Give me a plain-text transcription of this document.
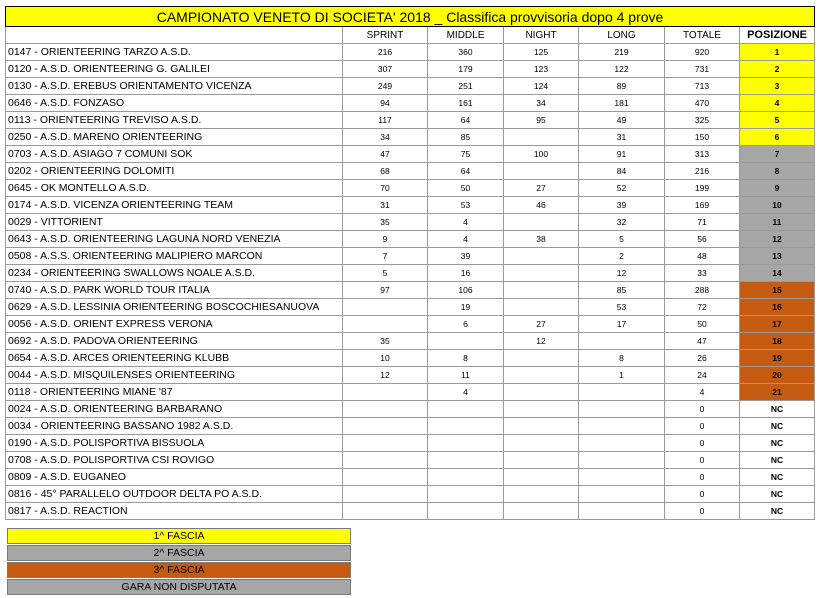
CAMPIONATO VENETO DI SOCIETA' 2018 _ Classifica provvisoria dopo 4 prove						
	SPRINT	MIDDLE	NIGHT	LONG	TOTALE	POSIZIONE
0147 - ORIENTEERING TARZO A.S.D.	216	360	125	219	920	1
0120 - A.S.D. ORIENTEERING G. GALILEI	307	179	123	122	731	2
0130 - A.S.D. EREBUS ORIENTAMENTO VICENZA	249	251	124	89	713	3
0646 - A.S.D. FONZASO	94	161	34	181	470	4
0113 - ORIENTEERING TREVISO A.S.D.	117	64	95	49	325	5
0250 - A.S.D. MARENO ORIENTEERING	34	85		31	150	6
0703 - A.S.D. ASIAGO 7 COMUNI SOK	47	75	100	91	313	7
0202 - ORIENTEERING DOLOMITI	68	64		84	216	8
0645 - OK MONTELLO A.S.D.	70	50	27	52	199	9
0174 - A.S.D. VICENZA ORIENTEERING TEAM	31	53	46	39	169	10
0029 - VITTORIENT	35	4		32	71	11
0643 - A.S.D. ORIENTEERING LAGUNA NORD VENEZIA	9	4	38	5	56	12
0508 - A.S.S. ORIENTEERING MALIPIERO MARCON	7	39		2	48	13
0234 - ORIENTEERING SWALLOWS NOALE A.S.D.	5	16		12	33	14
0740 - A.S.D. PARK WORLD TOUR ITALIA	97	106		85	288	15
0629 - A.S.D. LESSINIA ORIENTEERING BOSCOCHIESANUOVA		19		53	72	16
0056 - A.S.D. ORIENT EXPRESS VERONA		6	27	17	50	17
0692 - A.S.D. PADOVA ORIENTEERING	35		12		47	18
0654 - A.S.D. ARCES ORIENTEERING KLUBB	10	8		8	26	19
0044 - A.S.D. MISQUILENSES ORIENTEERING	12	11		1	24	20
0118 - ORIENTEERING MIANE '87		4			4	21
0024 - A.S.D. ORIENTEERING BARBARANO					0	NC
0034 - ORIENTEERING BASSANO 1982 A.S.D.					0	NC
0190 - A.S.D. POLISPORTIVA BISSUOLA					0	NC
0708 - A.S.D. POLISPORTIVA CSI ROVIGO					0	NC
0809 - A.S.D. EUGANEO					0	NC
0816 - 45° PARALLELO OUTDOOR DELTA PO A.S.D.					0	NC
0817 - A.S.D. REACTION					0	NC
1^ FASCIA
2^ FASCIA
3^ FASCIA
GARA NON DISPUTATA
